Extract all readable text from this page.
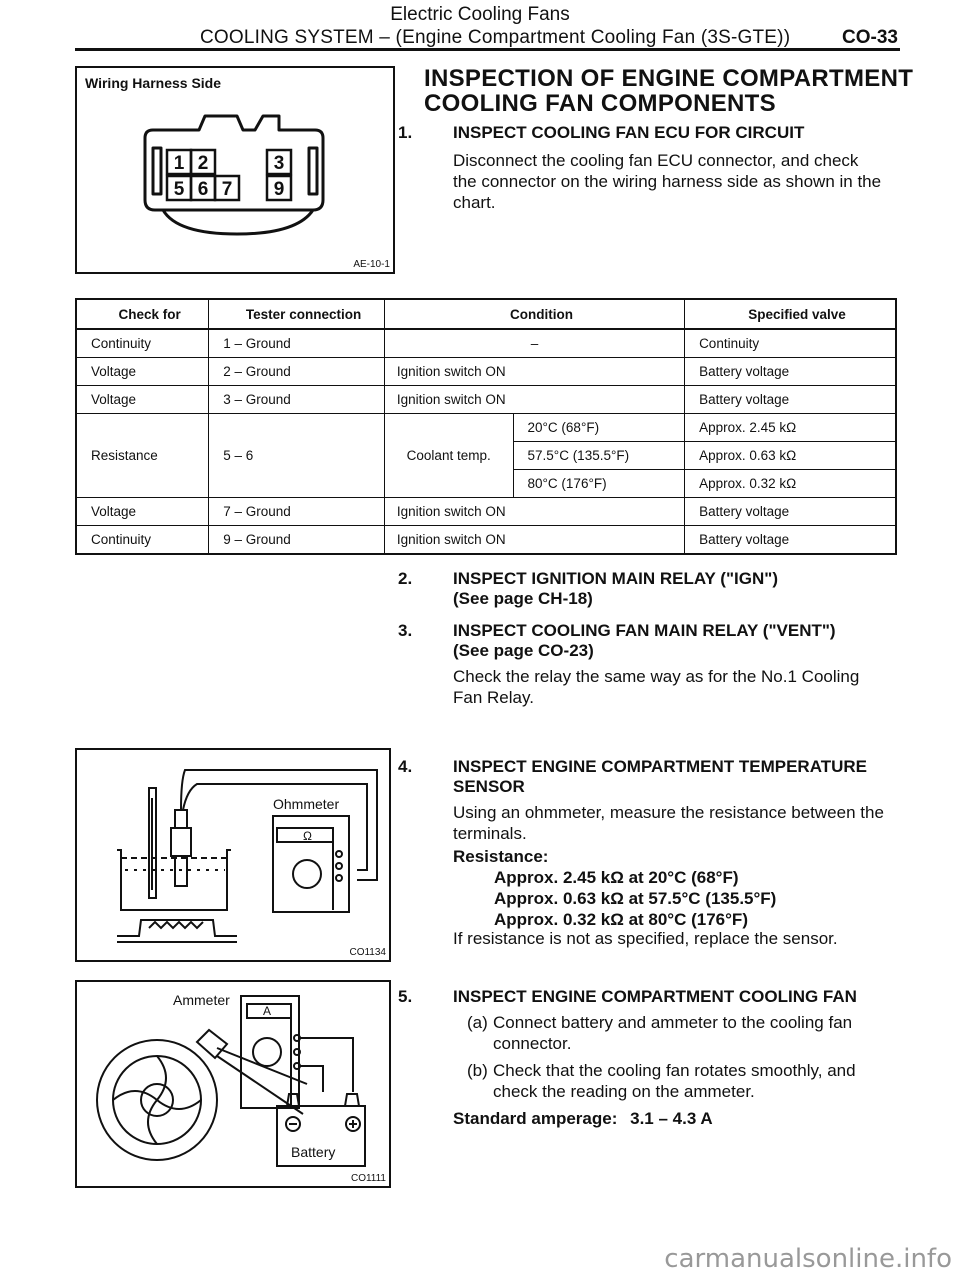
Electric Cooling Fans
COOLING SYSTEM – (Engine Compartment Cooling Fan (3S-GTE))	CO-33
Wiring Harness Side
1 2	3
5 6 7 9
AE-10-1
INSPECTION OF ENGINE COMPARTMENT
COOLING FAN COMPONENTS
1. INSPECT COOLING FAN ECU FOR CIRCUIT
Disconnect the cooling fan ECU connector, and check
the connector on the wiring harness side as shown in the
chart.
Check for	Tester connection	Condition		Specified valve
Continuity	1 – Ground	–		Continuity
Voltage	2 – Ground	Ignition switch ON		Battery voltage
Voltage	3 – Ground	Ignition switch ON		Battery voltage
Resistance	5 – 6	Coolant temp.	20°C (68°F)	Approx. 2.45 kΩ
			57.5°C (135.5°F)	Approx. 0.63 kΩ
			80°C (176°F)	Approx. 0.32 kΩ
Voltage	7 – Ground	Ignition switch ON		Battery voltage
Continuity	9 – Ground	Ignition switch ON		Battery voltage
2. INSPECT IGNITION MAIN RELAY ("IGN")
(See page CH-18)
3. INSPECT COOLING FAN MAIN RELAY ("VENT")
(See page CO-23)
Check the relay the same way as for the No.1 Cooling
Fan Relay.
Ω
Ohmmeter
CO1134
4. INSPECT ENGINE COMPARTMENT TEMPERATURE
SENSOR
Using an ohmmeter, measure the resistance between the
terminals.
Resistance:
Approx. 2.45 kΩ at 20°C (68°F)
Approx. 0.63 kΩ at 57.5°C (135.5°F)
Approx. 0.32 kΩ at 80°C (176°F)
If resistance is not as specified, replace the sensor.
A
Ammeter
Battery
CO1111
5. INSPECT ENGINE COMPARTMENT COOLING FAN
(a) Connect battery and ammeter to the cooling fan
connector.
(b) Check that the cooling fan rotates smoothly, and
check the reading on the ammeter.
Standard amperage: 3.1 – 4.3 A
carmanualsonline.info
